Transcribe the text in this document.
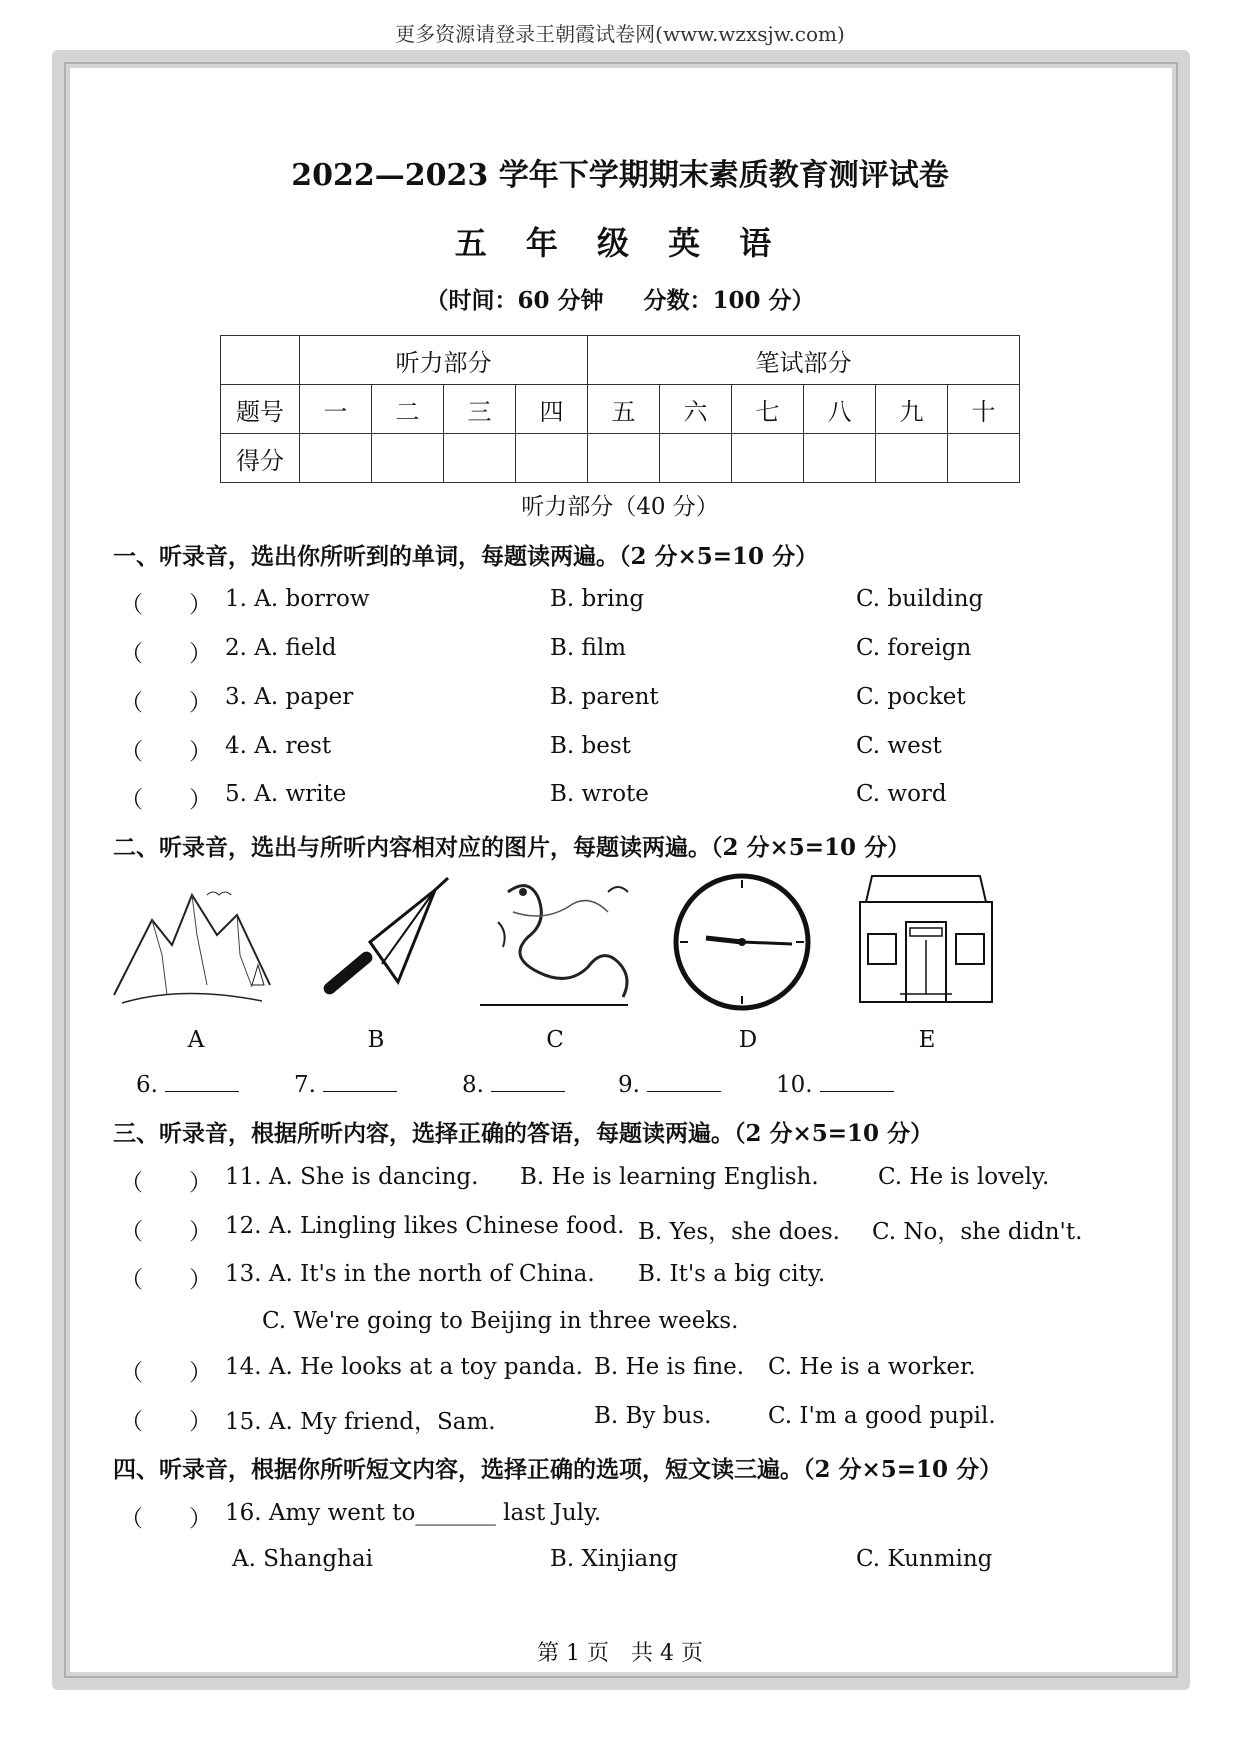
更多资源请登录王朝霞试卷网(www.wzxsjw.com)
2022—2023 学年下学期期末素质教育测评试卷
五 年 级 英 语
（时间：60 分钟 分数：100 分）
	听力部分				笔试部分					
题号	一	二	三	四	五	六	七	八	九	十
得分										
听力部分（40 分）
一、听录音，选出你所听到的单词，每题读两遍。（2 分×5=10 分）
（　　） 1. A. borrow	B. bring	C. building
（　　） 2. A. field	B. film	C. foreign
（　　） 3. A. paper	B. parent	C. pocket
（　　） 4. A. rest	B. best	C. west
（　　） 5. A. write	B. wrote	C. word
二、听录音，选出与所听内容相对应的图片，每题读两遍。（2 分×5=10 分）
A	B	C	D	E
6.	7.	8.	9.	10.
三、听录音，根据所听内容，选择正确的答语，每题读两遍。（2 分×5=10 分）
（　　） 11. A. She is dancing. B. He is learning English.	C. He is lovely.
（　　） 12. A. Lingling likes Chinese food. B. Yes，she does. C. No，she didn't.
（　　） 13. A. It's in the north of China. B. It's a big city.
C. We're going to Beijing in three weeks.
（　　） 14. A. He looks at a toy panda. B. He is fine. C. He is a worker.
（　　） 15. A. My friend，Sam.	B. By bus. C. I'm a good pupil.
四、听录音，根据你所听短文内容，选择正确的选项，短文读三遍。（2 分×5=10 分）
（　　） 16. Amy went to_______ last July.
A. Shanghai	B. Xinjiang	C. Kunming
第 1 页　共 4 页
